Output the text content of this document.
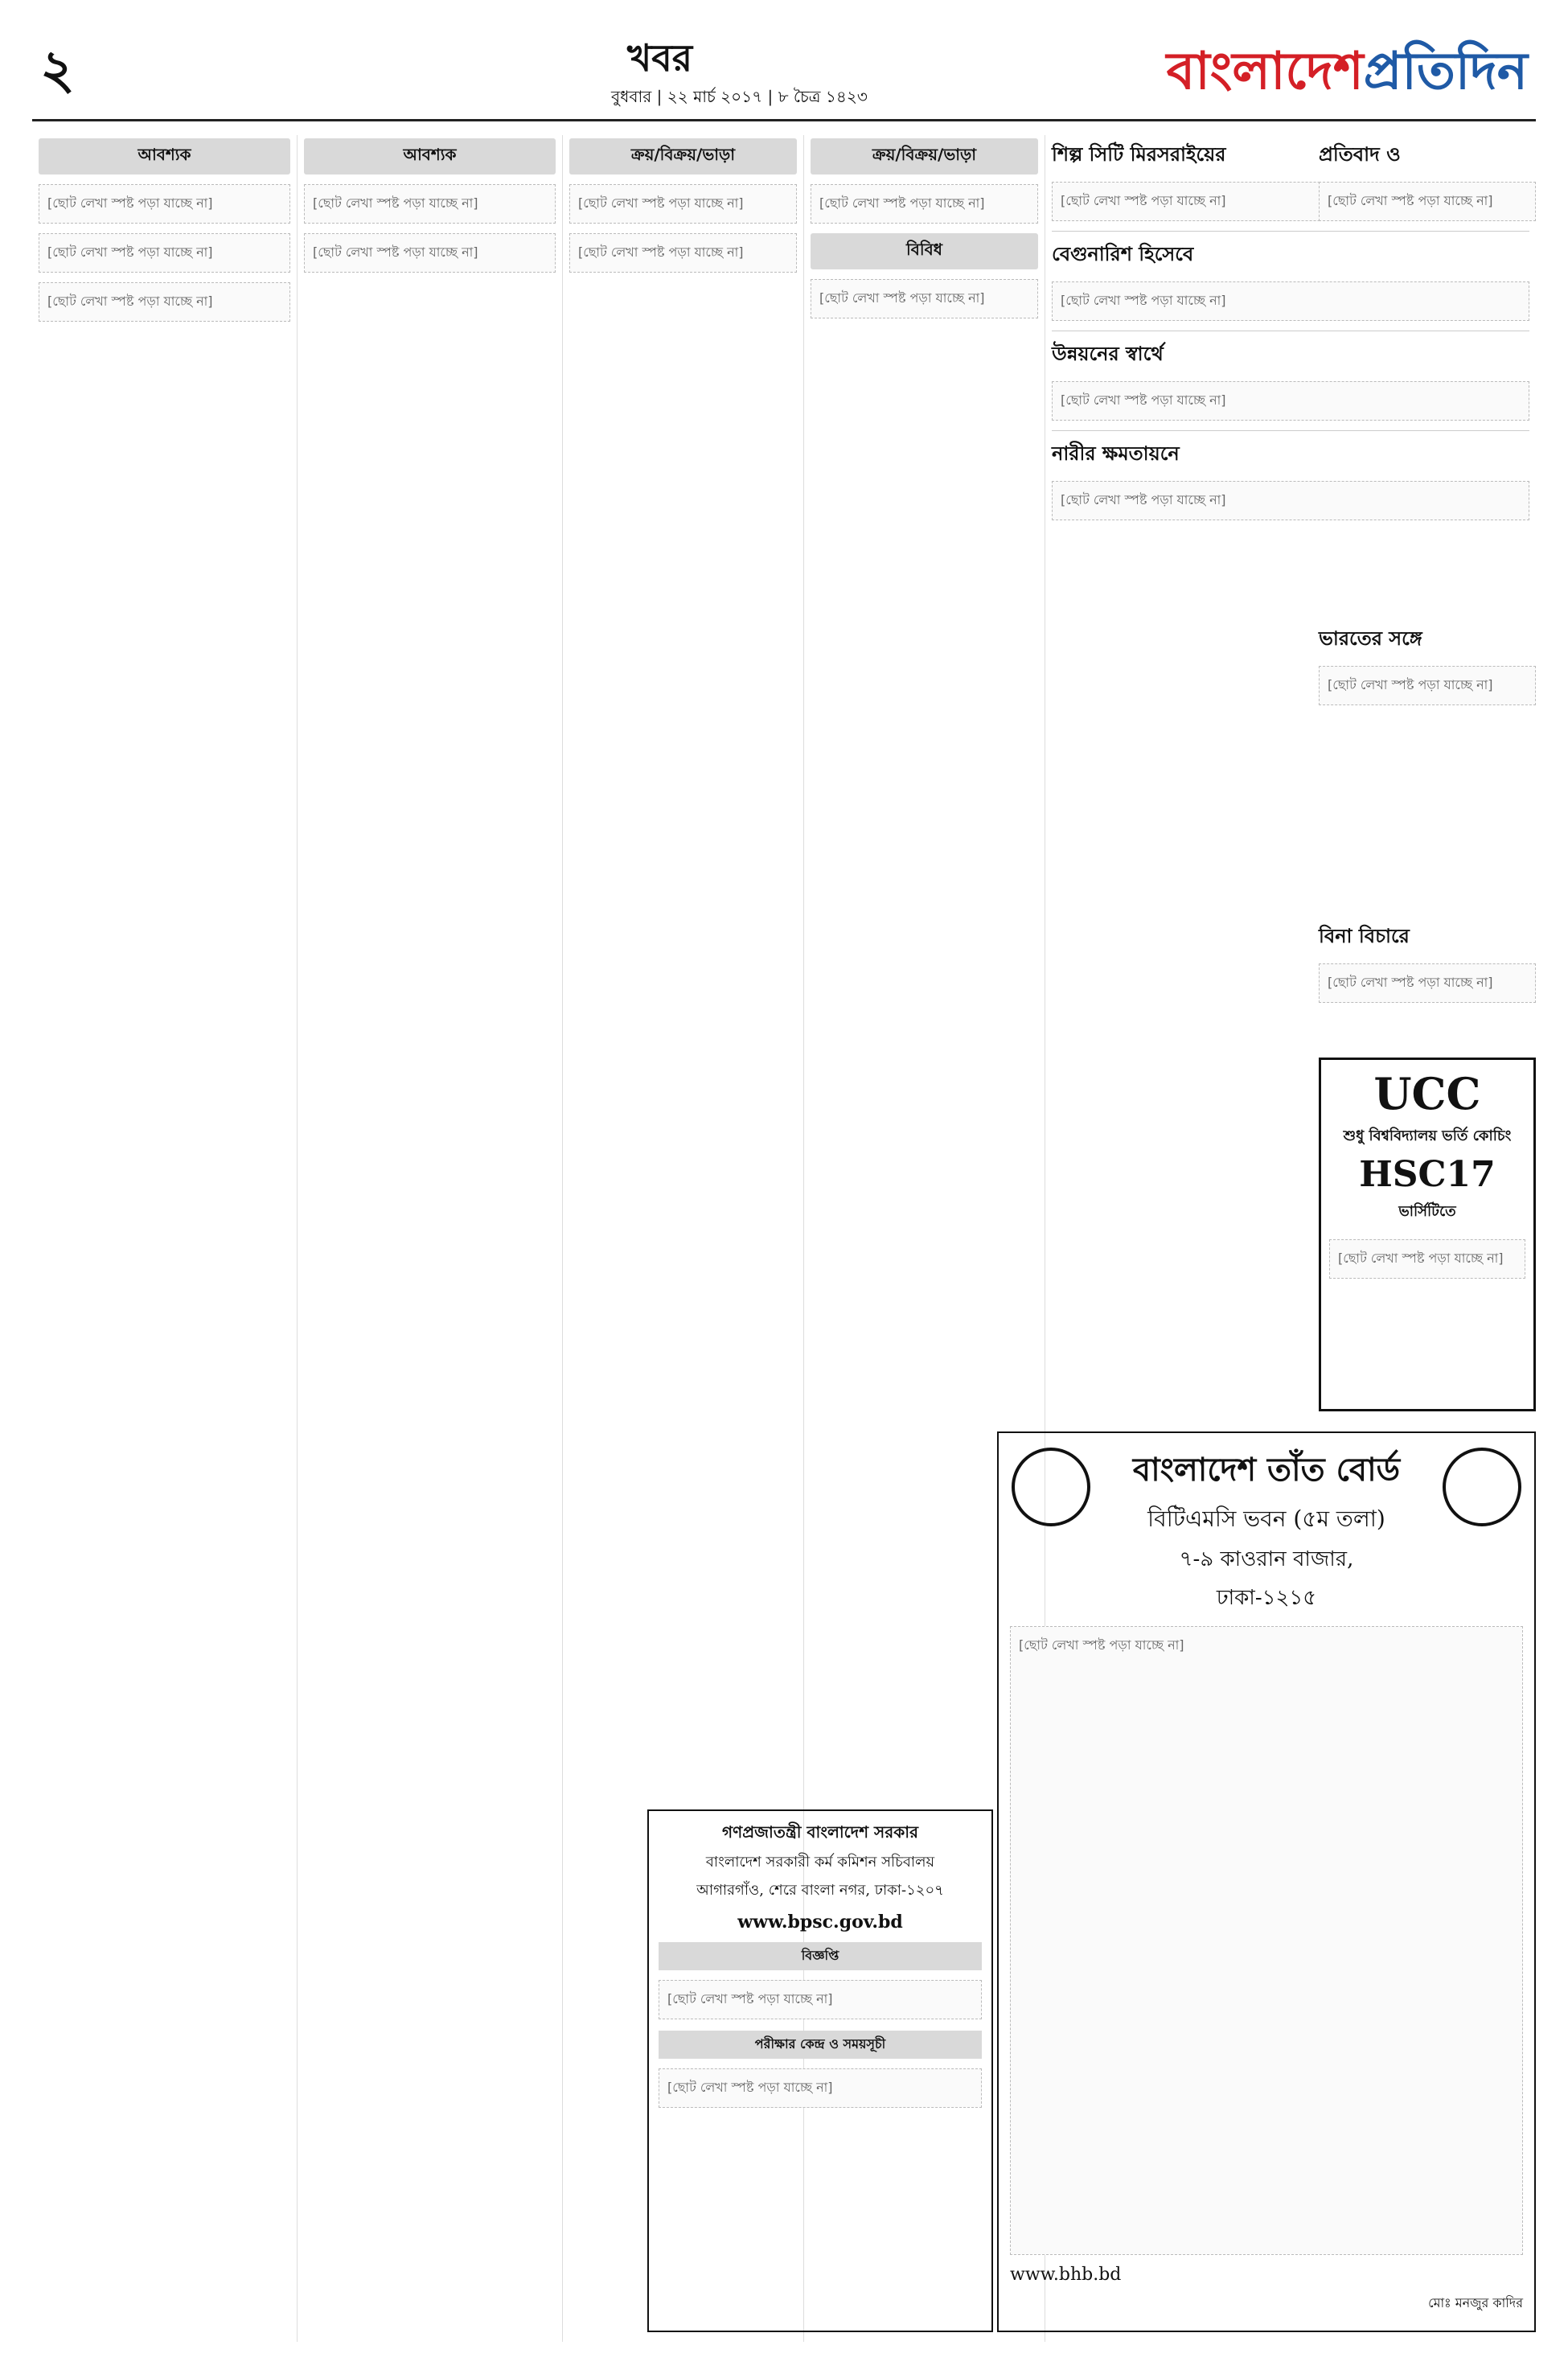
২	খবর
বুধবার | ২২ মার্চ ২০১৭ | ৮ চৈত্র ১৪২৩	বাংলাদেশপ্রতিদিন
আবশ্যক
[ছোট লেখা স্পষ্ট পড়া যাচ্ছে না]
[ছোট লেখা স্পষ্ট পড়া যাচ্ছে না]
[ছোট লেখা স্পষ্ট পড়া যাচ্ছে না]
আবশ্যক
[ছোট লেখা স্পষ্ট পড়া যাচ্ছে না]
[ছোট লেখা স্পষ্ট পড়া যাচ্ছে না]
ক্রয়/বিক্রয়/ভাড়া
[ছোট লেখা স্পষ্ট পড়া যাচ্ছে না]
[ছোট লেখা স্পষ্ট পড়া যাচ্ছে না]
ক্রয়/বিক্রয়/ভাড়া
[ছোট লেখা স্পষ্ট পড়া যাচ্ছে না]
বিবিধ
[ছোট লেখা স্পষ্ট পড়া যাচ্ছে না]
শিল্প সিটি মিরসরাইয়ের
[ছোট লেখা স্পষ্ট পড়া যাচ্ছে না]
বেগুনারিশ হিসেবে
[ছোট লেখা স্পষ্ট পড়া যাচ্ছে না]
উন্নয়নের স্বার্থে
[ছোট লেখা স্পষ্ট পড়া যাচ্ছে না]
নারীর ক্ষমতায়নে
[ছোট লেখা স্পষ্ট পড়া যাচ্ছে না]
প্রতিবাদ ও
[ছোট লেখা স্পষ্ট পড়া যাচ্ছে না]
ভারতের সঙ্গে
[ছোট লেখা স্পষ্ট পড়া যাচ্ছে না]
বিনা বিচারে
[ছোট লেখা স্পষ্ট পড়া যাচ্ছে না]
UCC
শুধু বিশ্ববিদ্যালয় ভর্তি কোচিং
HSC17
ভার্সিটিতে
[ছোট লেখা স্পষ্ট পড়া যাচ্ছে না]
গণপ্রজাতন্ত্রী বাংলাদেশ সরকার
বাংলাদেশ সরকারী কর্ম কমিশন সচিবালয়
আগারগাঁও, শেরে বাংলা নগর, ঢাকা-১২০৭
www.bpsc.gov.bd
বিজ্ঞপ্তি
[ছোট লেখা স্পষ্ট পড়া যাচ্ছে না]
পরীক্ষার কেন্দ্র ও সময়সূচী
[ছোট লেখা স্পষ্ট পড়া যাচ্ছে না]
বাংলাদেশ তাঁত বোর্ড
বিটিএমসি ভবন (৫ম তলা)
৭-৯ কাওরান বাজার,
ঢাকা-১২১৫
[ছোট লেখা স্পষ্ট পড়া যাচ্ছে না]
www.bhb.bd
মোঃ মনজুর কাদির
